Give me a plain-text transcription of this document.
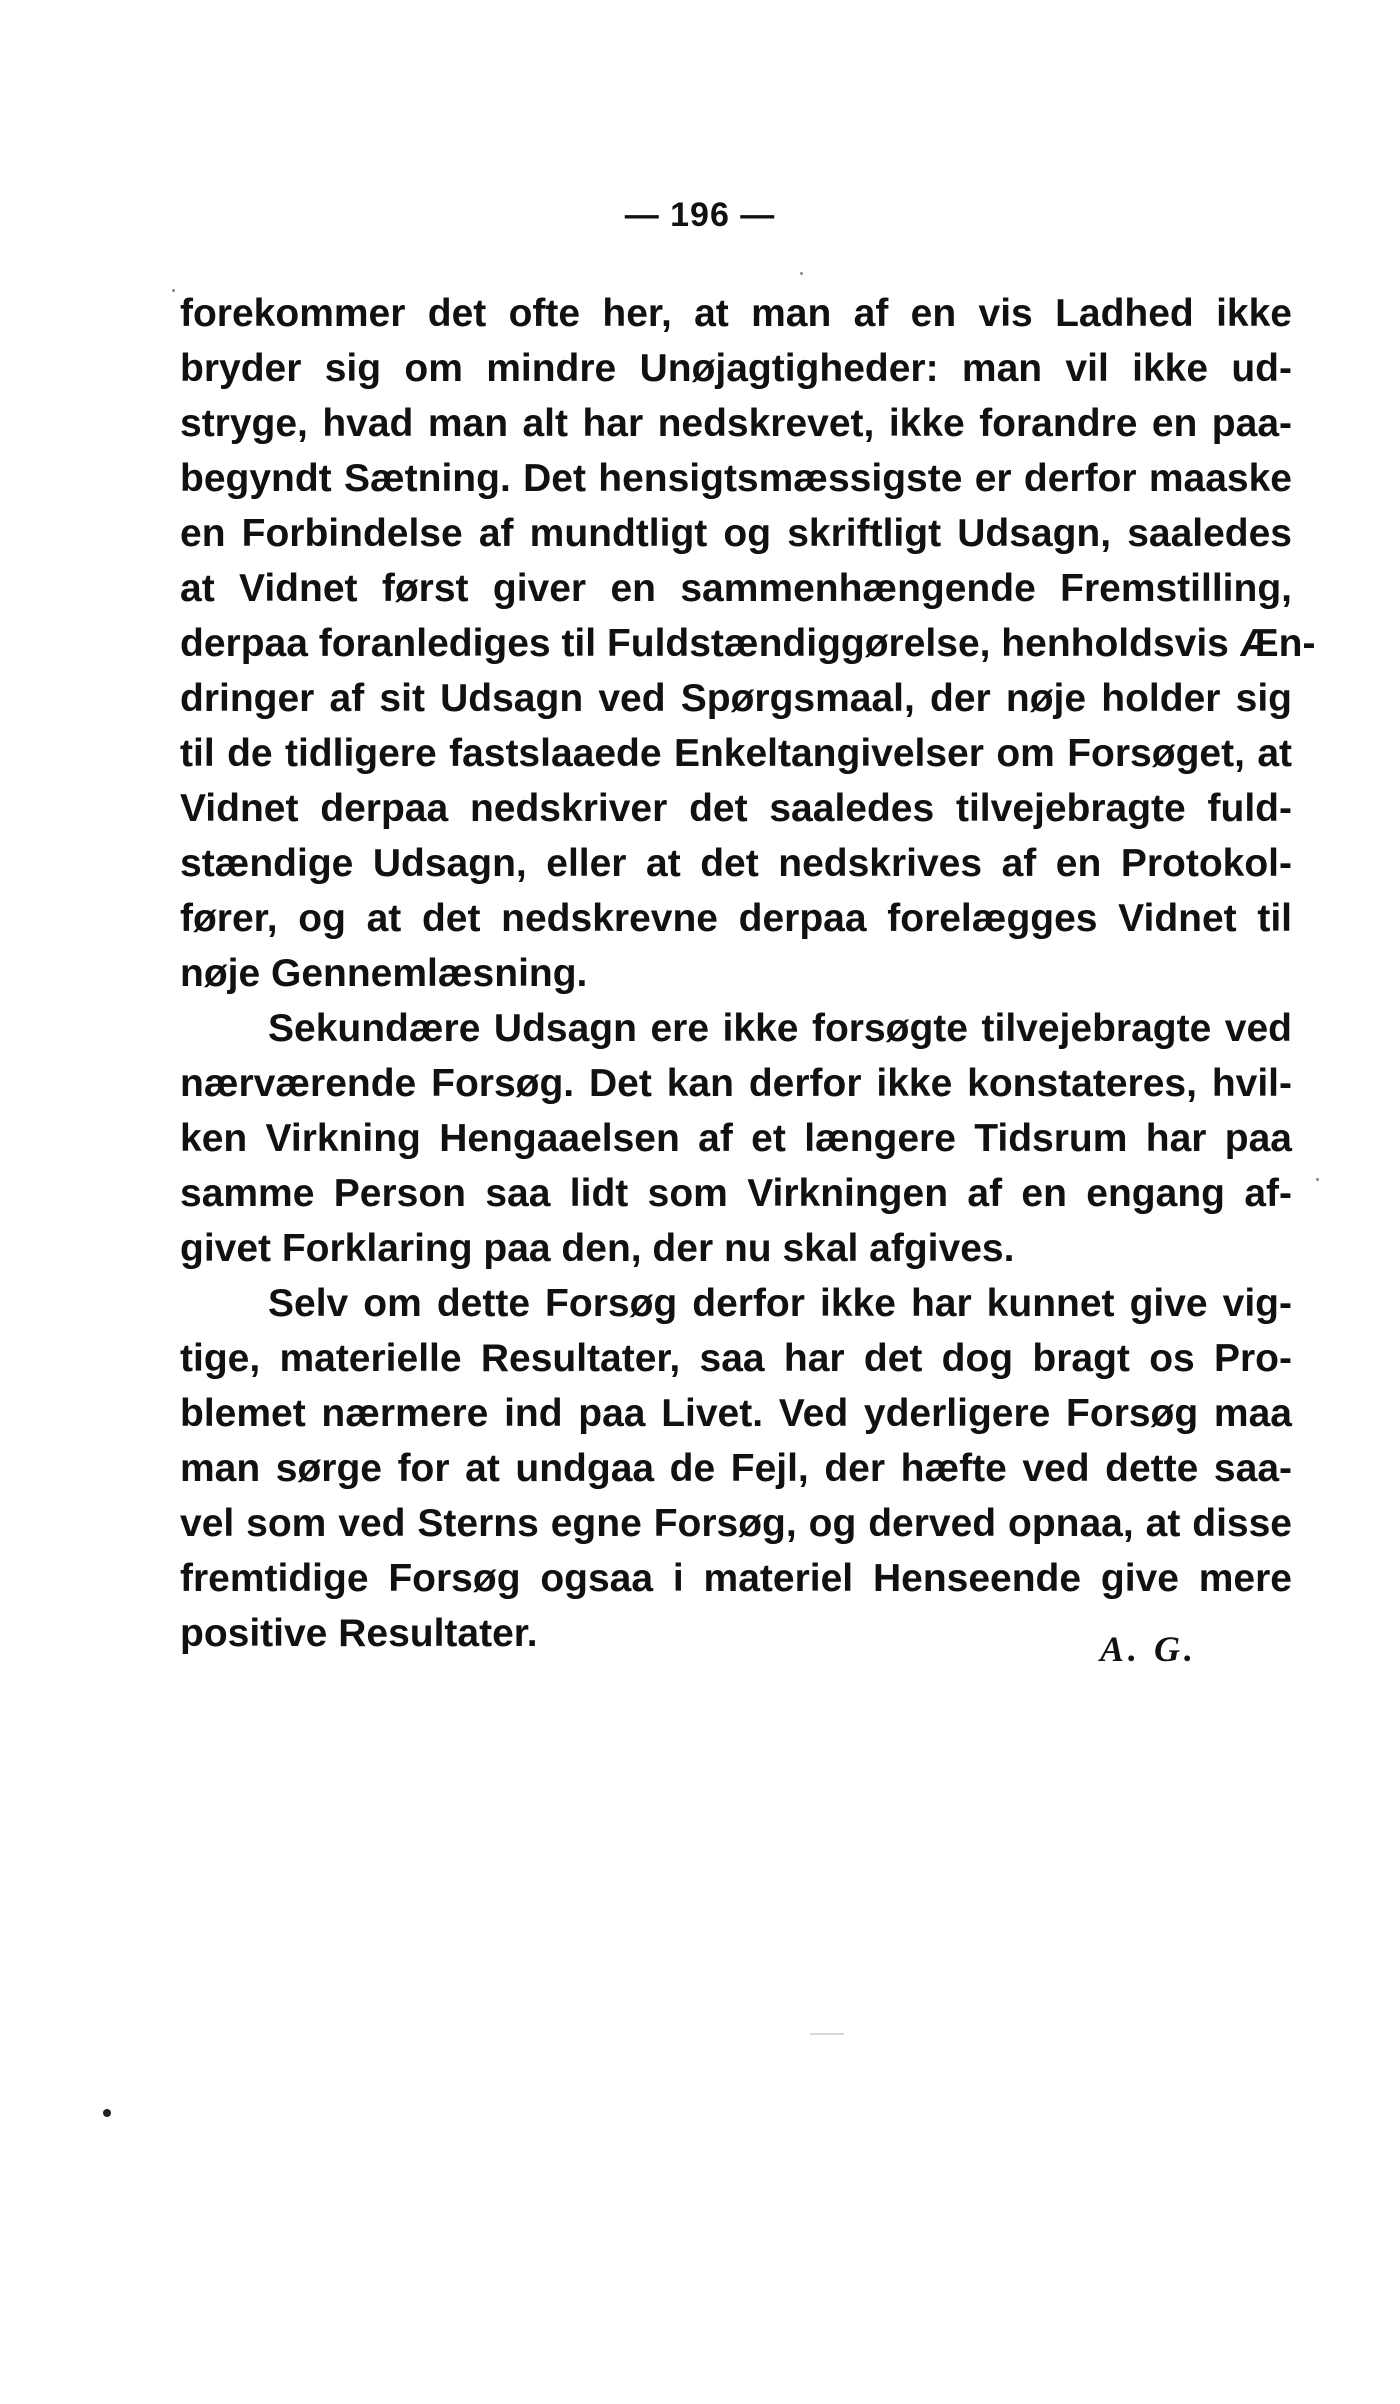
— 196 —
forekommer det ofte her, at man af en vis Ladhed ikke
bryder sig om mindre Unøjagtigheder: man vil ikke ud-
stryge, hvad man alt har nedskrevet, ikke forandre en paa-
begyndt Sætning. Det hensigtsmæssigste er derfor maaske
en Forbindelse af mundtligt og skriftligt Udsagn, saaledes
at Vidnet først giver en sammenhængende Fremstilling,
derpaa foranlediges til Fuldstændiggørelse, henholdsvis Æn-
dringer af sit Udsagn ved Spørgsmaal, der nøje holder sig
til de tidligere fastslaaede Enkeltangivelser om Forsøget, at
Vidnet derpaa nedskriver det saaledes tilvejebragte fuld-
stændige Udsagn, eller at det nedskrives af en Protokol-
fører, og at det nedskrevne derpaa forelægges Vidnet til
nøje Gennemlæsning.
Sekundære Udsagn ere ikke forsøgte tilvejebragte ved
nærværende Forsøg. Det kan derfor ikke konstateres, hvil-
ken Virkning Hengaaelsen af et længere Tidsrum har paa
samme Person saa lidt som Virkningen af en engang af-
givet Forklaring paa den, der nu skal afgives.
Selv om dette Forsøg derfor ikke har kunnet give vig-
tige, materielle Resultater, saa har det dog bragt os Pro-
blemet nærmere ind paa Livet. Ved yderligere Forsøg maa
man sørge for at undgaa de Fejl, der hæfte ved dette saa-
vel som ved Sterns egne Forsøg, og derved opnaa, at disse
fremtidige Forsøg ogsaa i materiel Henseende give mere
positive Resultater.	A. G.
